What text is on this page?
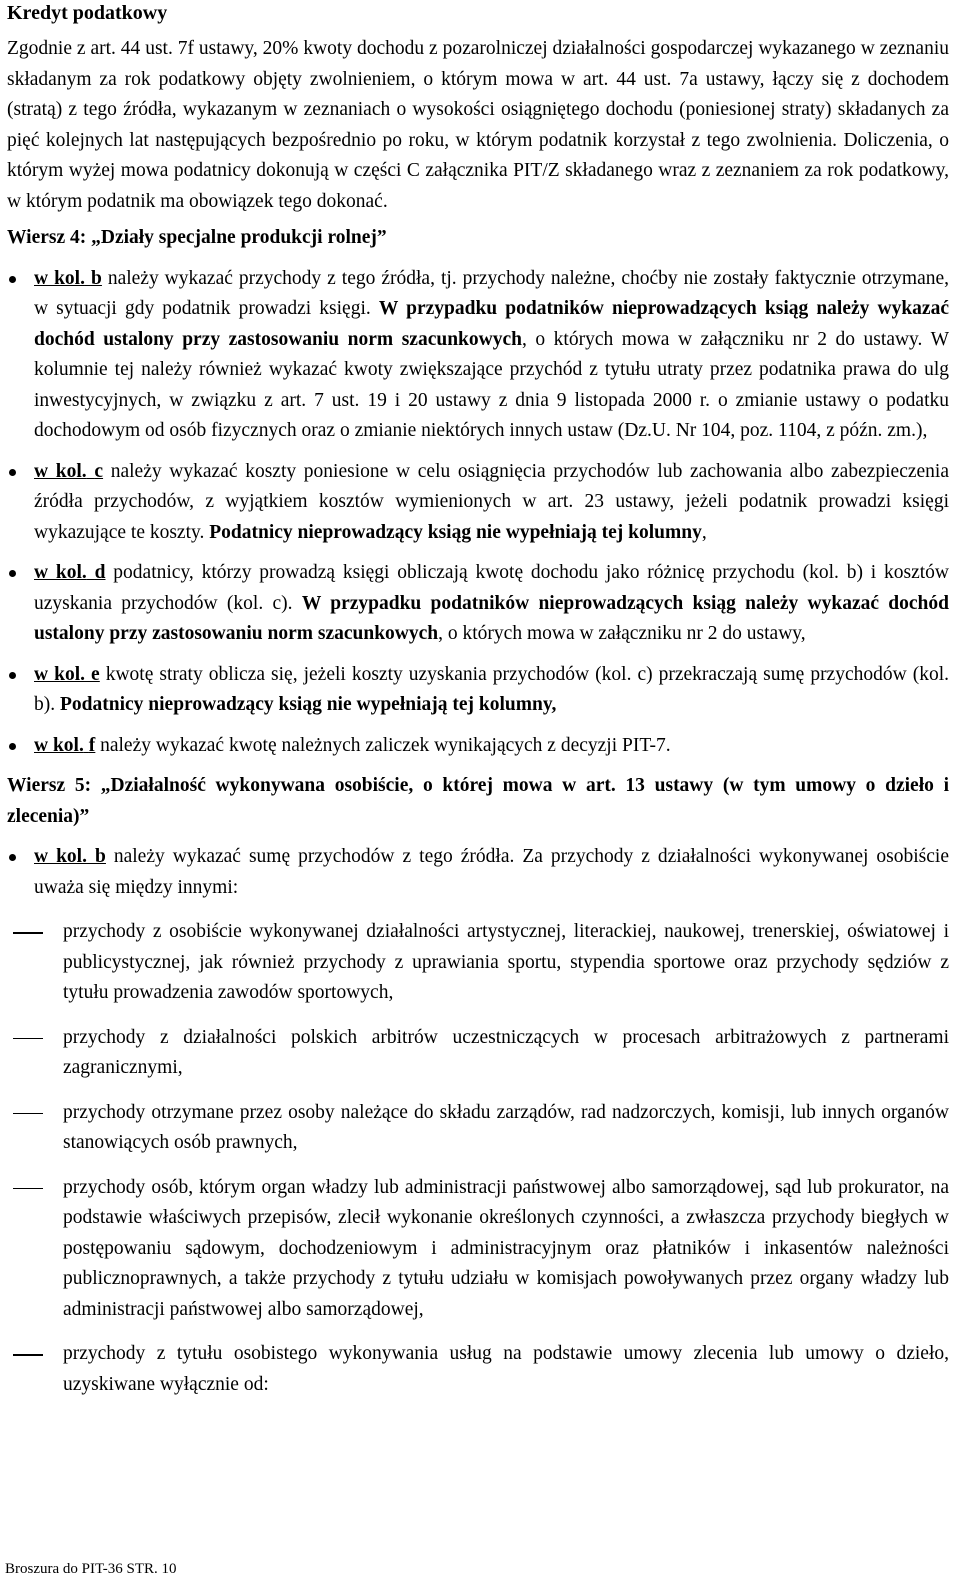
Kredyt podatkowy

Zgodnie z art. 44 ust. 7f ustawy, 20% kwoty dochodu z pozarolniczej działalności gospodarczej wykazanego w zeznaniu składanym za rok podatkowy objęty zwolnieniem, o którym mowa w art. 44 ust. 7a ustawy, łączy się z dochodem (stratą) z tego źródła, wykazanym w zeznaniach o wysokości osiągniętego dochodu (poniesionej straty) składanych za pięć kolejnych lat następujących bezpośrednio po roku, w którym podatnik korzystał z tego zwolnienia. Doliczenia, o którym wyżej mowa podatnicy dokonują w części C załącznika PIT/Z składanego wraz z zeznaniem za rok podatkowy, w którym podatnik ma obowiązek tego dokonać.

Wiersz 4: „Działy specjalne produkcji rolnej”

w kol. b należy wykazać przychody z tego źródła, tj. przychody należne, choćby nie zostały faktycznie otrzymane, w sytuacji gdy podatnik prowadzi księgi. W przypadku podatników nieprowadzących ksiąg należy wykazać dochód ustalony przy zastosowaniu norm szacunkowych, o których mowa w załączniku nr 2 do ustawy. W kolumnie tej należy również wykazać kwoty zwiększające przychód z tytułu utraty przez podatnika prawa do ulg inwestycyjnych, w związku z art. 7 ust. 19 i 20 ustawy z dnia 9 listopada 2000 r. o zmianie ustawy o podatku dochodowym od osób fizycznych oraz o zmianie niektórych innych ustaw (Dz.U. Nr 104, poz. 1104, z późn. zm.),
w kol. c należy wykazać koszty poniesione w celu osiągnięcia przychodów lub zachowania albo zabezpieczenia źródła przychodów, z wyjątkiem kosztów wymienionych w art. 23 ustawy, jeżeli podatnik prowadzi księgi wykazujące te koszty. Podatnicy nieprowadzący ksiąg nie wypełniają tej kolumny,
w kol. d podatnicy, którzy prowadzą księgi obliczają kwotę dochodu jako różnicę przychodu (kol. b) i kosztów uzyskania przychodów (kol. c). W przypadku podatników nieprowadzących ksiąg należy wykazać dochód ustalony przy zastosowaniu norm szacunkowych, o których mowa w załączniku nr 2 do ustawy,
w kol. e kwotę straty oblicza się, jeżeli koszty uzyskania przychodów (kol. c) przekraczają sumę przychodów (kol. b). Podatnicy nieprowadzący ksiąg nie wypełniają tej kolumny,
w kol. f należy wykazać kwotę należnych zaliczek wynikających z decyzji PIT-7.

Wiersz 5: „Działalność wykonywana osobiście, o której mowa w art. 13 ustawy (w tym umowy o dzieło i zlecenia)”

w kol. b należy wykazać sumę przychodów z tego źródła. Za przychody z działalności wykonywanej osobiście uważa się między innymi:
przychody z osobiście wykonywanej działalności artystycznej, literackiej, naukowej, trenerskiej, oświatowej i publicystycznej, jak również przychody z uprawiania sportu, stypendia sportowe oraz przychody sędziów z tytułu prowadzenia zawodów sportowych,
przychody z działalności polskich arbitrów uczestniczących w procesach arbitrażowych z partnerami zagranicznymi,
przychody otrzymane przez osoby należące do składu zarządów, rad nadzorczych, komisji, lub innych organów stanowiących osób prawnych,
przychody osób, którym organ władzy lub administracji państwowej albo samorządowej, sąd lub prokurator, na podstawie właściwych przepisów, zlecił wykonanie określonych czynności, a zwłaszcza przychody biegłych w postępowaniu sądowym, dochodzeniowym i administracyjnym oraz płatników i inkasentów należności publicznoprawnych, a także przychody z tytułu udziału w komisjach powoływanych przez organy władzy lub administracji państwowej albo samorządowej,
przychody z tytułu osobistego wykonywania usług na podstawie umowy zlecenia lub umowy o dzieło, uzyskiwane wyłącznie od:
Broszura do PIT-36 STR. 10
